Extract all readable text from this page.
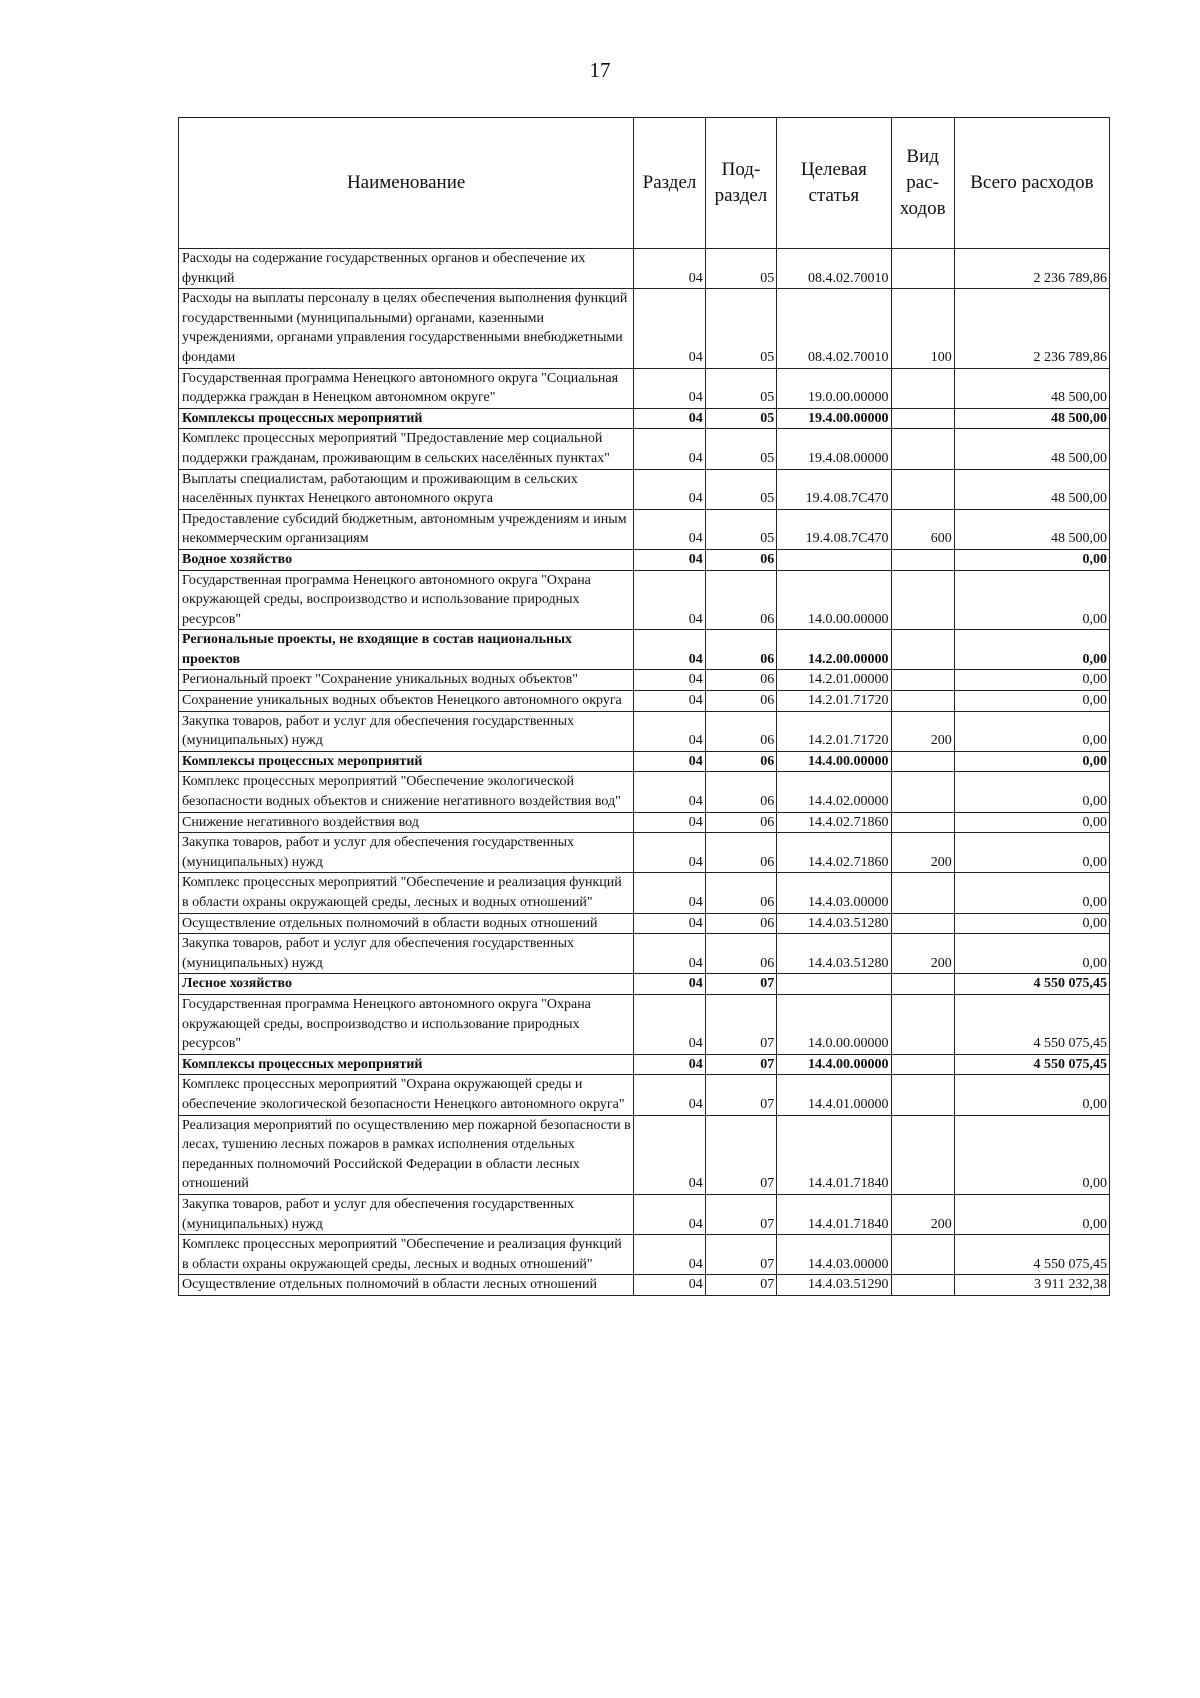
17
Наименование	Раздел	Под-раздел	Целевая статья	Вид рас-ходов	Всего расходов
Расходы на содержание государственных органов и обеспечение их функций	04	05	08.4.02.70010		2 236 789,86
Расходы на выплаты персоналу в целях обеспечения выполнения функций государственными (муниципальными) органами, казенными учреждениями, органами управления государственными внебюджетными фондами	04	05	08.4.02.70010	100	2 236 789,86
Государственная программа Ненецкого автономного округа "Социальная поддержка граждан в Ненецком автономном округе"	04	05	19.0.00.00000		48 500,00
Комплексы процессных мероприятий	04	05	19.4.00.00000		48 500,00
Комплекс процессных мероприятий "Предоставление мер социальной поддержки гражданам, проживающим в сельских населённых пунктах"	04	05	19.4.08.00000		48 500,00
Выплаты специалистам, работающим и проживающим в сельских населённых пунктах Ненецкого автономного округа	04	05	19.4.08.7С470		48 500,00
Предоставление субсидий бюджетным, автономным учреждениям и иным некоммерческим организациям	04	05	19.4.08.7С470	600	48 500,00
Водное хозяйство	04	06			0,00
Государственная программа Ненецкого автономного округа "Охрана окружающей среды, воспроизводство и использование природных ресурсов"	04	06	14.0.00.00000		0,00
Региональные проекты, не входящие в состав национальных проектов	04	06	14.2.00.00000		0,00
Региональный проект "Сохранение уникальных водных объектов"	04	06	14.2.01.00000		0,00
Сохранение уникальных водных объектов Ненецкого автономного округа	04	06	14.2.01.71720		0,00
Закупка товаров, работ и услуг для обеспечения государственных (муниципальных) нужд	04	06	14.2.01.71720	200	0,00
Комплексы процессных мероприятий	04	06	14.4.00.00000		0,00
Комплекс процессных мероприятий "Обеспечение экологической безопасности водных объектов и снижение негативного воздействия вод"	04	06	14.4.02.00000		0,00
Снижение негативного воздействия вод	04	06	14.4.02.71860		0,00
Закупка товаров, работ и услуг для обеспечения государственных (муниципальных) нужд	04	06	14.4.02.71860	200	0,00
Комплекс процессных мероприятий "Обеспечение и реализация функций в области охраны окружающей среды, лесных и водных отношений"	04	06	14.4.03.00000		0,00
Осуществление отдельных полномочий в области водных отношений	04	06	14.4.03.51280		0,00
Закупка товаров, работ и услуг для обеспечения государственных (муниципальных) нужд	04	06	14.4.03.51280	200	0,00
Лесное хозяйство	04	07			4 550 075,45
Государственная программа Ненецкого автономного округа "Охрана окружающей среды, воспроизводство и использование природных ресурсов"	04	07	14.0.00.00000		4 550 075,45
Комплексы процессных мероприятий	04	07	14.4.00.00000		4 550 075,45
Комплекс процессных мероприятий "Охрана окружающей среды и обеспечение экологической безопасности Ненецкого автономного округа"	04	07	14.4.01.00000		0,00
Реализация мероприятий по осуществлению мер пожарной безопасности в лесах, тушению лесных пожаров в рамках исполнения отдельных переданных полномочий Российской Федерации в области лесных отношений	04	07	14.4.01.71840		0,00
Закупка товаров, работ и услуг для обеспечения государственных (муниципальных) нужд	04	07	14.4.01.71840	200	0,00
Комплекс процессных мероприятий "Обеспечение и реализация функций в области охраны окружающей среды, лесных и водных отношений"	04	07	14.4.03.00000		4 550 075,45
Осуществление отдельных полномочий в области лесных отношений	04	07	14.4.03.51290		3 911 232,38
